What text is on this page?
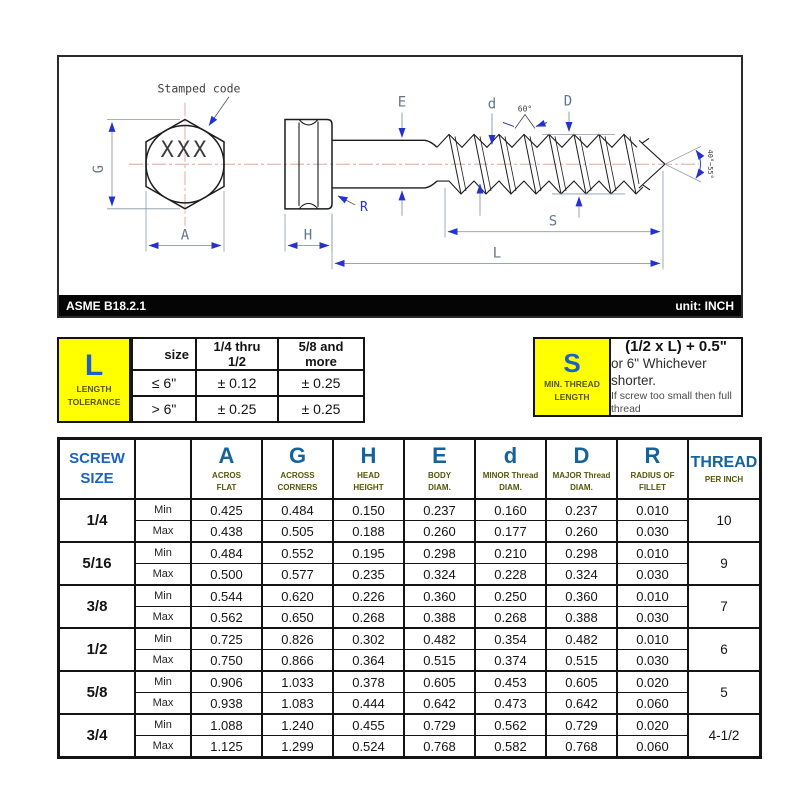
XXX
Stamped code
G
A	H
R
E	d	D
60°
40°~55°
S
L
ASME B18.2.1	unit: INCH
L
LENGTH
TOLERANCE
size	1/4 thru 1/2	5/8 and more
≤ 6"	± 0.12	± 0.25
> 6"	± 0.25	± 0.25
S
MIN. THREAD
LENGTH
(1/2 x L) + 0.5"
or 6" Whichever shorter.
If screw too small then full thread
SCREW
SIZE		
A
ACROS
FLAT

G
ACROSS
CORNERS

H
HEAD
HEIGHT

E
BODY
DIAM.

d
MINOR Thread
DIAM.

D
MAJOR Thread
DIAM.

R
RADIUS OF
FILLET

THREAD
PER INCH

1/4	Min	0.425	0.484	0.150	0.237	0.160	0.237	0.010	10
	Max	0.438	0.505	0.188	0.260	0.177	0.260	0.030	
5/16	Min	0.484	0.552	0.195	0.298	0.210	0.298	0.010	9
	Max	0.500	0.577	0.235	0.324	0.228	0.324	0.030	
3/8	Min	0.544	0.620	0.226	0.360	0.250	0.360	0.010	7
	Max	0.562	0.650	0.268	0.388	0.268	0.388	0.030	
1/2	Min	0.725	0.826	0.302	0.482	0.354	0.482	0.010	6
	Max	0.750	0.866	0.364	0.515	0.374	0.515	0.030	
5/8	Min	0.906	1.033	0.378	0.605	0.453	0.605	0.020	5
	Max	0.938	1.083	0.444	0.642	0.473	0.642	0.060	
3/4	Min	1.088	1.240	0.455	0.729	0.562	0.729	0.020	4-1/2
	Max	1.125	1.299	0.524	0.768	0.582	0.768	0.060	
